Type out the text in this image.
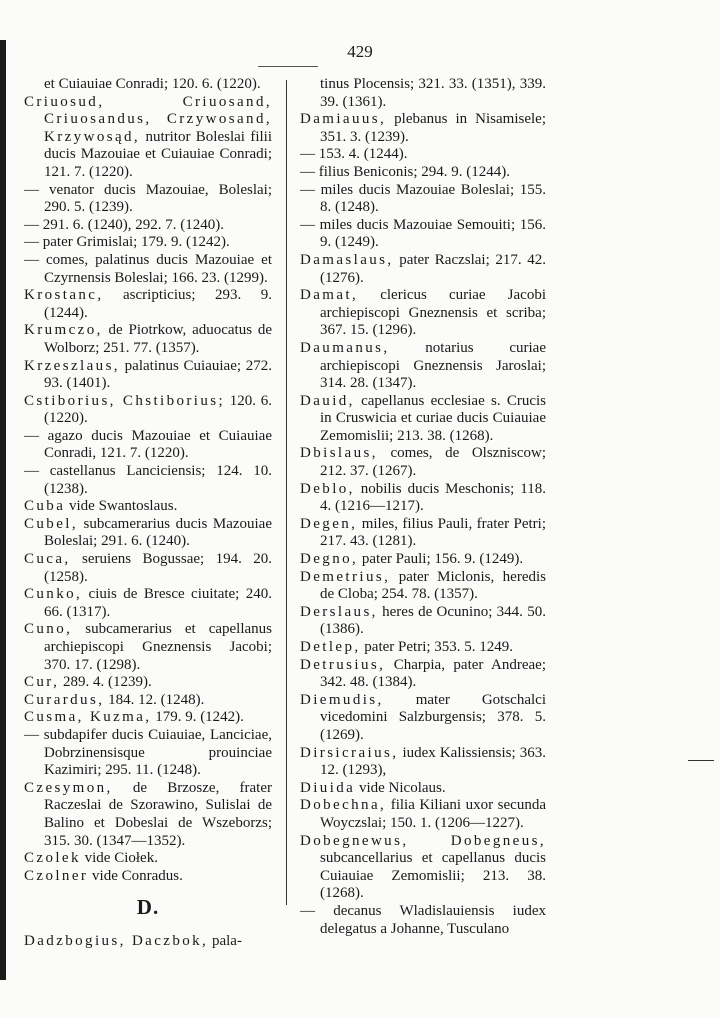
429

et Cuiauiae Conradi; 120. 6. (1220).

Criuosud, Criuosand, Criuosandus, Crzywosand, Krzywosąd, nutritor Boleslai filii ducis Mazouiae et Cuiauiae Conradi; 121. 7. (1220).

— venator ducis Mazouiae, Boleslai; 290. 5. (1239).

— 291. 6. (1240), 292. 7. (1240).

— pater Grimislai; 179. 9. (1242).

— comes, palatinus ducis Mazouiae et Czyrnensis Boleslai; 166. 23. (1299).

Krostanc, ascripticius; 293. 9. (1244).

Krumczo, de Piotrkow, aduocatus de Wolborz; 251. 77. (1357).

Krzeszlaus, palatinus Cuiauiae; 272. 93. (1401).

Cstiborius, Chstiborius; 120. 6. (1220).

— agazo ducis Mazouiae et Cuiauiae Conradi, 121. 7. (1220).

— castellanus Lanciciensis; 124. 10. (1238).

Cuba vide Swantoslaus.

Cubel, subcamerarius ducis Mazouiae Boleslai; 291. 6. (1240).

Cuca, seruiens Bogussae; 194. 20. (1258).

Cunko, ciuis de Bresce ciuitate; 240. 66. (1317).

Cuno, subcamerarius et capellanus archiepiscopi Gneznensis Jacobi; 370. 17. (1298).

Cur, 289. 4. (1239).

Curardus, 184. 12. (1248).

Cusma, Kuzma, 179. 9. (1242).

— subdapifer ducis Cuiauiae, Lanciciae, Dobrzinensisque prouinciae Kazimiri; 295. 11. (1248).

Czesymon, de Brzosze, frater Raczeslai de Szorawino, Sulislai de Balino et Dobeslai de Wszeborzs; 315. 30. (1347—1352).

Czolek vide Ciołek.

Czolner vide Conradus.

D.

Dadzbogius, Daczbok, pala-

tinus Plocensis; 321. 33. (1351), 339. 39. (1361).

Damiauus, plebanus in Nisamisele; 351. 3. (1239).

— 153. 4. (1244).

— filius Beniconis; 294. 9. (1244).

— miles ducis Mazouiae Boleslai; 155. 8. (1248).

— miles ducis Mazouiae Semouiti; 156. 9. (1249).

Damaslaus, pater Raczslai; 217. 42. (1276).

Damat, clericus curiae Jacobi archiepiscopi Gneznensis et scriba; 367. 15. (1296).

Daumanus, notarius curiae archiepiscopi Gneznensis Jaroslai; 314. 28. (1347).

Dauid, capellanus ecclesiae s. Crucis in Cruswicia et curiae ducis Cuiauiae Zemomislii; 213. 38. (1268).

Dbislaus, comes, de Olszniscow; 212. 37. (1267).

Deblo, nobilis ducis Meschonis; 118. 4. (1216—1217).

Degen, miles, filius Pauli, frater Petri; 217. 43. (1281).

Degno, pater Pauli; 156. 9. (1249).

Demetrius, pater Miclonis, heredis de Cloba; 254. 78. (1357).

Derslaus, heres de Ocunino; 344. 50. (1386).

Detlep, pater Petri; 353. 5. 1249.

Detrusius, Charpia, pater Andreae; 342. 48. (1384).

Diemudis, mater Gotschalci vicedomini Salzburgensis; 378. 5. (1269).

Dirsicraius, iudex Kalissiensis; 363. 12. (1293),

Diuida vide Nicolaus.

Dobechna, filia Kiliani uxor secunda Woyczslai; 150. 1. (1206—1227).

Dobegnewus, Dobegneus, subcancellarius et capellanus ducis Cuiauiae Zemomislii; 213. 38. (1268).

— decanus Wladislauiensis iudex delegatus a Johanne, Tusculano
